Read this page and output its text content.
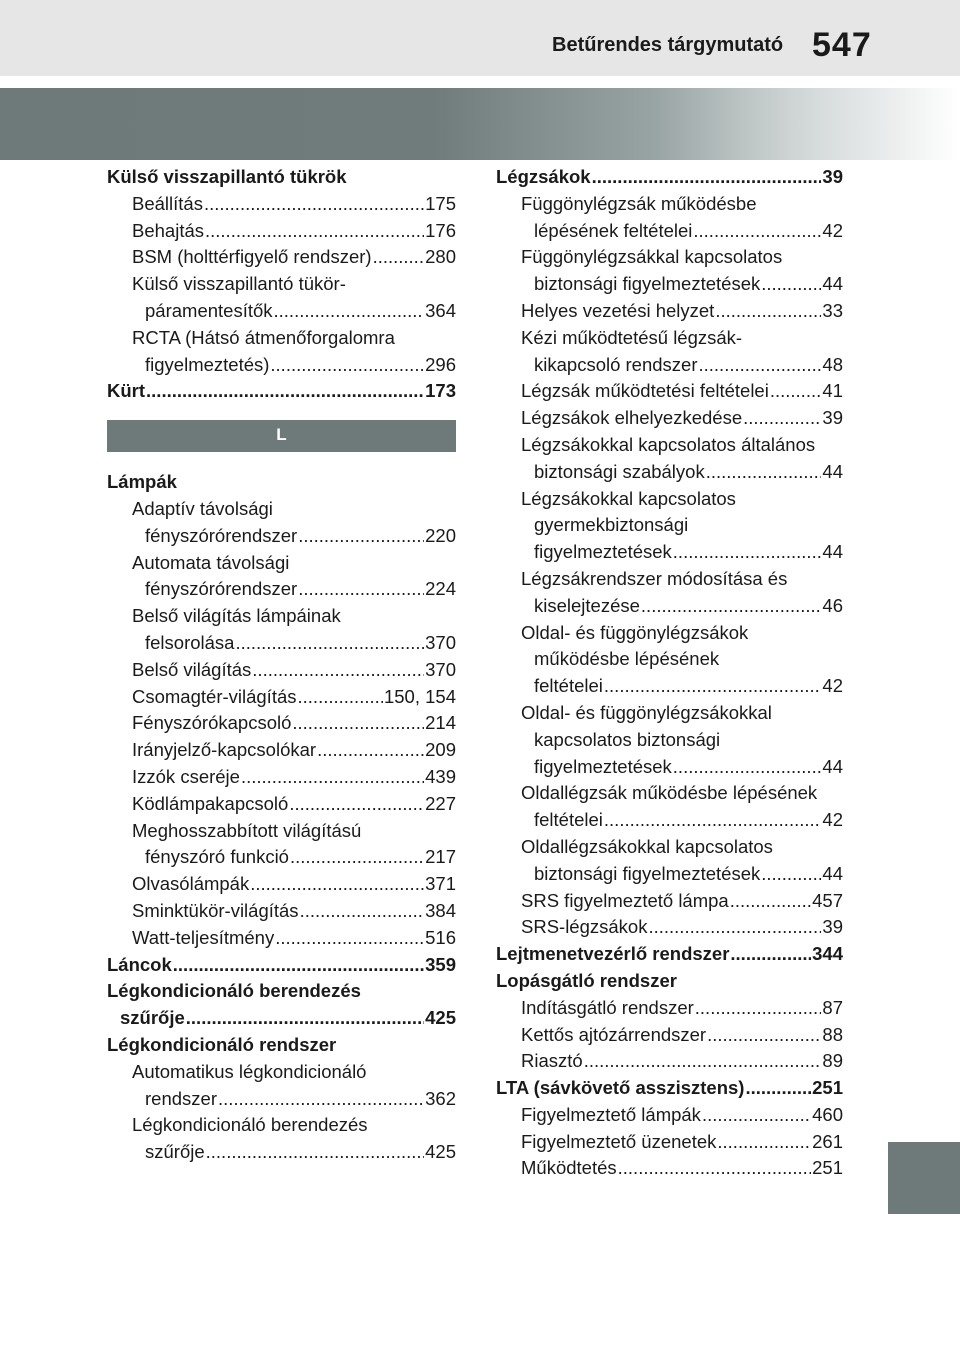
Betűrendes tárgymutató 547
Külső visszapillantó tükrök
Beállítás .....	175
Behajtás .....	176
BSM (holttérfigyelő rendszer) .....	280
Külső visszapillantó tükör-
páramentesítők .....	364
RCTA (Hátsó átmenőforgalomra
figyelmeztetés) .....	296
Kürt .....	173
L
Lámpák
Adaptív távolsági
fényszórórendszer .....	220
Automata távolsági
fényszórórendszer .....	224
Belső világítás lámpáinak
felsorolása .....	370
Belső világítás .....	370
Csomagtér-világítás .....	150, 154
Fényszórókapcsoló .....	214
Irányjelző-kapcsolókar .....	209
Izzók cseréje .....	439
Ködlámpakapcsoló .....	227
Meghosszabbított világítású
fényszóró funkció .....	217
Olvasólámpák .....	371
Sminktükör-világítás .....	384
Watt-teljesítmény .....	516
Láncok .....	359
Légkondicionáló berendezés
szűrője .....	425
Légkondicionáló rendszer
Automatikus légkondicionáló
rendszer .....	362
Légkondicionáló berendezés
szűrője .....	425
Légzsákok .....	39
Függönylégzsák működésbe
lépésének feltételei .....	42
Függönylégzsákkal kapcsolatos
biztonsági figyelmeztetések .....	44
Helyes vezetési helyzet .....	33
Kézi működtetésű légzsák-
kikapcsoló rendszer .....	48
Légzsák működtetési feltételei .....	41
Légzsákok elhelyezkedése .....	39
Légzsákokkal kapcsolatos általános
biztonsági szabályok .....	44
Légzsákokkal kapcsolatos
gyermekbiztonsági
figyelmeztetések .....	44
Légzsákrendszer módosítása és
kiselejtezése .....	46
Oldal- és függönylégzsákok
működésbe lépésének
feltételei .....	42
Oldal- és függönylégzsákokkal
kapcsolatos biztonsági
figyelmeztetések .....	44
Oldallégzsák működésbe lépésének
feltételei .....	42
Oldallégzsákokkal kapcsolatos
biztonsági figyelmeztetések .....	44
SRS figyelmeztető lámpa .....	457
SRS-légzsákok .....	39
Lejtmenetvezérlő rendszer .....	344
Lopásgátló rendszer
Indításgátló rendszer .....	87
Kettős ajtózárrendszer .....	88
Riasztó .....	89
LTA (sávkövető asszisztens) .....	251
Figyelmeztető lámpák .....	460
Figyelmeztető üzenetek .....	261
Működtetés .....	251
